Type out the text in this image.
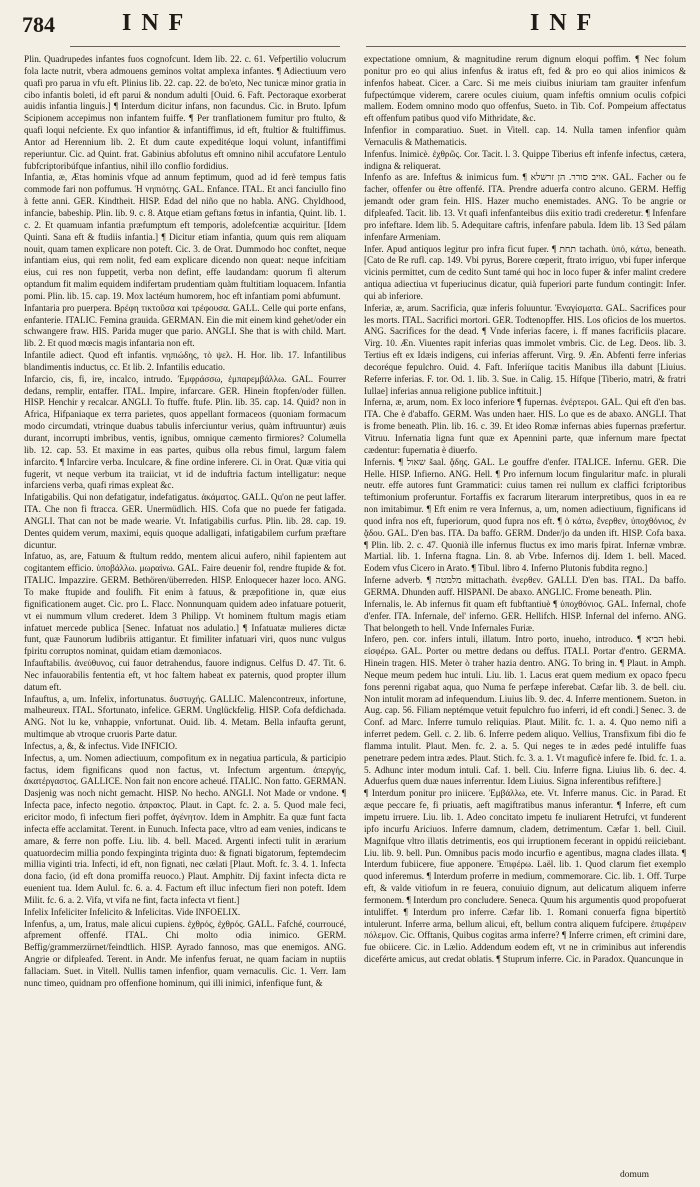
784	INF	INF

Plin. Quadrupedes infantes fuos cognofcunt. Idem lib. 22. c. 61. Vefpertilio volucrum fola lacte nutrit, vbera admouens geminos voltat amplexa infantes. ¶ Adiectiuum vero quafi pro parua in vfu eft. Plinius lib. 22. cap. 22. de bo'eto, Nec tunicæ minor gratia in cibo infantis boleti, id eft parui & nondum adulti [Ouid. 6. Faft. Pectoraque exorberat auidis infantia linguis.] ¶ Interdum dicitur infans, non facundus. Cic. in Bruto. Ipfum Scipionem accepimus non infantem fuiffe. ¶ Per tranflationem fumitur pro ftulto, & quafi loqui nefciente. Ex quo infantior & infantiffimus, id eft, ftultior & ftultiffimus. Antor ad Herennium lib. 2. Et dum caute expeditéque loqui volunt, infantiffimi reperiuntur. Cic. ad Quint. frat. Gabinius abfolutus eft omnino nihil accufatore Lentulo fubfcriptoribúfque infantius, nihil illo conflio fordidius.

Infantia, æ, Ætas hominis vfque ad annum feptimum, quod ad id ferè tempus fatis commode fari non poffumus. Ἡ νηπιότης. GAL. Enfance. ITAL. Et anci fanciullo fino à fette anni. GER. Kindtheit. HISP. Edad del niño que no habla. ANG. Chyldhood, infancie, babeship. Plin. lib. 9. c. 8. Atque etiam geftans fœtus in infantia, Quint. lib. 1. c. 2. Et quamuam infantia præfumptum eft temporis, adolefcentiæ acquiritur. [Idem Quinti. Sana eft & ftudiis infantia.] ¶ Dicitur etiam infantia, quum quis rem aliquam nouit, quam tamen explicare non poteft. Cic. 3. de Orat. Dummodo hoc conftet, neque infantiam eius, qui rem nolit, fed eam explicare dicendo non queat: neque infcitiam eius, cui res non fuppetit, verba non defint, effe laudandam: quorum fi alterum optandum fit malim equidem indifertam prudentiam quàm ftultitiam loquacem. Infantia pomi. Plin. lib. 15. cap. 19. Mox lactéum humorem, hoc eft infantiam pomi abfumunt.

Infantaria pro puerpera. Βρέφη τικτοῦσα καὶ τρέφουσα. GALL. Celle qui porte enfans, enfanterie. ITALIC. Femina grauida. GERMAN. Ein die mit einem kind gehet/oder ein schwangere fraw. HIS. Parida muger que pario. ANGLI. She that is with child. Mart. lib. 2. Et quod mœcis magis infantaria non eft.

Infantile adiect. Quod eft infantis. νηπιώδης, τὸ ψελ. H. Hor. lib. 17. Infantilibus blandimentis inductus, cc. Et lib. 2. Infantilis educatio.

Infarcio, cis, fi, ire, incalco, intrudo. Ἐμφράσσω, ἐμπαρεμβάλλω. GAL. Fourrer dedans, remplir, entaffer. ITAL. Impire, infarcare. GER. Hinein ftopfen/oder füllen. HISP. Henchir y recalcar. ANGLI. To ftuffe. ftufe. Plin. lib. 35. cap. 14. Quid? non in Africa, Hifpaniaque ex terra parietes, quos appellant formaceos (quoniam formacum modo circumdati, vtrinque duabus tabulis inferciuntur verius, quàm inftruuntur) æuis durant, incorrupti imbribus, ventis, ignibus, omnique cæmento firmiores? Columella lib. 12. cap. 53. Et maxime in eas partes, quibus olla rebus fimul, largum falem infarcito. ¶ Infarcire verba. Inculcare, & fine ordine inferere. Ci. in Orat. Quæ vitia qui fugerit, vt neque verbum ita traiiciat, vt id de induftria factum intelligatur: neque infarciens verba, quafi rimas expleat &c.

Infatigabilis. Qui non defatigatur, indefatigatus. ἀκάματος. GALL. Qu'on ne peut laffer. ITA. Che non fi ftracca. GER. Unermüdlich. HIS. Cofa que no puede fer fatigada. ANGLI. That can not be made wearie. Vt. Infatigabilis curfus. Plin. lib. 28. cap. 19. Dentes quidem verum, maximi, equis quoque adalligati, infatigabilem curfum præftare dicuntur.

Infatuo, as, are, Fatuum & ftultum reddo, mentem alicui aufero, nihil fapientem aut cogitantem efficio. ὑποβάλλω. μωραίνω. GAL. Faire deuenir fol, rendre ftupide & fot. ITALIC. Impazzire. GERM. Bethören/überreden. HISP. Enloquecer hazer loco. ANG. To make ftupide and foulifh. Fit enim à fatuus, & præpofitione in, quæ eius fignificationem auget. Cic. pro L. Flacc. Nonnunquam quidem adeo infatuare potuerit, vt ei nummum vllum crederet. Idem 3 Philipp. Vt hominem ftultum magis etiam infatuet mercede publica [Senec. Infatuat nos adulatio.] ¶ Infatuatæ mulieres dictæ funt, quæ Faunorum ludibriis attigantur. Et fimiliter infatuari viri, quos nunc vulgus fpiritu corruptos nominat, quidam etiam dæmoniacos.

Infauftabilis. ἀνεύθυνος, cui fauor detrahendus, fauore indignus. Celfus D. 47. Tit. 6. Nec infauorabilis fententia eft, vt hoc faltem habeat ex paternis, quod propter illum datum eft.

Infauftus, a, um. Infelix, infortunatus. δυστυχής. GALLIC. Malencontreux, infortune, malheureux. ITAL. Sfortunato, infelice. GERM. Unglückfelig. HISP. Cofa defdichada. ANG. Not lu ke, vnhappie, vnfortunat. Ouid. lib. 4. Metam. Bella infaufta gerunt, multimque ab vtroque cruoris Parte datur.

Infectus, a, &, & infectus. Vide INFICIO.

Infectus, a, um. Nomen adiectiuum, compofitum ex in negatiua particula, & participio factus, idem fignificans quod non factus, vt. Infectum argentum. ἀπεργής, ἀκατέργαστος. GALLICE. Non fait non encore acheué. ITALIC. Non fatto. GERMAN. Dasjenig was noch nicht gemacht. HISP. No hecho. ANGLI. Not Made or vndone. ¶ Infecta pace, infecto negotio. ἀπρακτος. Plaut. in Capt. fc. 2. a. 5. Quod male feci, ericitor modo, fi infectum fieri poffet, ἀγένητον. Idem in Amphitr. Ea quæ funt facta infecta effe acclamitat. Terent. in Eunuch. Infecta pace, vltro ad eam venies, indicans te amare, & ferre non poffe. Liu. lib. 4. bell. Maced. Argenti infecti tulit in ærarium quatuordecim millia pondo fexpinginta triginta duo: & fignati bigatorum, feptemdecim millia viginti tria. Infecti, id eft, non fignati, nec cælati [Plaut. Moft. fc. 3. 4. 1. Infecta dona facio, (id eft dona promiffa reuoco.) Plaut. Amphitr. Dij faxint infecta dicta re euenient tua. Idem Aulul. fc. 6. a. 4. Factum eft illuc infectum fieri non poteft. Idem Milit. fc. 6. a. 2. Vifa, vt vifa ne fint, facta infecta vt fient.]

Infelix Infeliciter Infelicito & Infelicitas. Vide INFOELIX.

Infenfus, a, um, Iratus, male alicui cupiens. ἐχθρός, ἐχθρός. GALL. Fafché, courroucé, afprement offenfé. ITAL. Chi molto odia inimico. GERM. Beffig/grammerzürnet/feindtlich. HISP. Ayrado fannoso, mas que enemigos. ANG. Angrie or difpleafed. Terent. in Andr. Me infenfus feruat, ne quam faciam in nuptiis fallaciam. Suet. in Vitell. Nullis tamen infenfior, quam vernaculis. Cic. 1. Verr. Iam nunc timeo, quidnam pro offenfione hominum, qui illi inimici, infenfique funt, &

expectatione omnium, & magnitudine rerum dignum eloqui poffim. ¶ Nec folum ponitur pro eo qui alius infenfus & iratus eft, fed & pro eo qui alios inimicos & infenfos habeat. Cicer. a Carc. Si me meis ciuibus iniuriam tam grauiter infenfum fufpectúmque viderem, carere ocules ciuium, quam infeftis omnium oculis cofpici mallem. Eodem omnino modo quo offenfus, Sueto. in Tib. Cof. Pompeium affectatus eft offenfum patibus quod vifo Mithridate, &c.

Infenfior in comparatiuo. Suet. in Vitell. cap. 14. Nulla tamen infenfior quàm Vernaculis & Mathematicis.

Infenfus. Inimicè. ἐχθρῶς. Cor. Tacit. l. 3. Quippe Tiberius eft infenfe infectus, cætera, indigna & reliquerat.

Infenfo as are. Infeftus & inimicus fum. ¶ אויב סורר. הן זרשלא. GAL. Facher ou fe facher, offenfer ou être offenfé. ITA. Prendre aduerfa contro alcuno. GERM. Heffig jemandt oder gram fein. HIS. Hazer mucho enemistades. ANG. To be angrie or difpleafed. Tacit. lib. 13. Vt quafi infenfanteibus diis exitio tradi crederetur. ¶ Infenfare pro infeftare. Idem lib. 5. Adequitare caftris, infenfare pabula. Idem lib. 13 Sed pálam infenfare Armeniam.

Infer. Apud antiquos legitur pro infra ficut fuper. ¶ תחת tachath. ὑπό, κάτω, beneath. [Cato de Re rufl. cap. 149. Vbi pyrus, Borere cœperit, ftrato irriguo, vbi fuper inferque vicinis permittet, cum de cedito Sunt tamé qui hoc in loco fuper & infer malint credere antiqua adiectiua vt fuperiucinus dicatur, quià fuperiori parte fundum contingit: Infer. qui ab inferiore.

Inferiæ, æ, arum. Sacrificia, quæ inferis foluuntur. Ἐναγίσματα. GAL. Sacrifices pour les morts. ITAL. Sacrifici mortori. GER. Todtenopffer. HIS. Los oficios de los muertos. ANG. Sacrifices for the dead. ¶ Vnde inferias facere, i. ff manes facrificiis placare. Virg. 10. Æn. Viuentes rapit inferias quas immolet vmbris. Cic. de Leg. Deos. lib. 3. Tertius eft ex Idæis indigens, cui inferias afferunt. Virg. 9. Æn. Abfenti ferre inferias decoréque fepulchro. Ouid. 4. Faft. Inferiíque tacitis Manibus illa dabunt [Liuius. Referre inferias. F. tor. Od. 1. lib. 3. Sue. in Calig. 15. Hífque [Tiberio, matri, & fratri Iullae] inferias annua religione publice inftituit.]

Inferna, æ, arum, nom. Ex loco inferiore ¶ fupernas. ἐνέρτεροι. GAL. Qui eft d'en bas. ITA. Che è d'abaffo. GERM. Was unden haer. HIS. Lo que es de abaxo. ANGLI. That is frome beneath. Plin. lib. 16. c. 39. Et ideo Romæ infernas abies fupernas præfertur. Vitruu. Infernatia ligna funt quæ ex Apennini parte, quæ infernum mare fpectat cædentur: fupernatia è diuerfo.

Infernis. ¶ שאול šaal. ᾅδης. GAL. Le gouffre d'enfer. ITALICE. Infernu. GER. Die Helle. HISP. Infierno. ANG. Hell. ¶ Pro infernum locum fingularitur mafc. in plurali neutr. effe autores funt Grammatici: cuius tamen rei nullum ex claffici fcriptoribus teftimonium proferuntur. Fortaffis ex facrarum literarum interpretibus, quos in ea re non imitabimur. ¶ Eft enim re vera Infernus, a, um, nomen adiectiuum, fignificans id quod infra nos eft, fuperiorum, quod fupra nos eft. ¶ ὁ κάτω, ἔνερθεν, ὑποχθόνιος, ἐν ᾅδου. GAL. D'en bas. ITA. Da baffo. GERM. Dnder/jo da unden ift. HISP. Cofa baxa. ¶ Plin. lib. 2. c. 47. Quonià ille infernus fluctus ex imo maris fpirat. Infernæ vmbræ. Martial. lib. 1. Inferna ftagna. Lin. 8. ab Vrbe. Infernos dij. Idem 1. bell. Maced. Eodem vfus Cicero in Arato. ¶ Tibul. libro 4. Inferno Plutonis fubdita regno.]

Inferne adverb. ¶ מלמטה mittachath. ἐνερθεν. GALLI. D'en bas. ITAL. Da baffo. GERMA. Dhunden auff. HISPANI. De abaxo. ANGLIC. Frome beneath. Plin.

Infernalis, le. Ab infernus fit quam eft fubftantiuè ¶ ὑποχθόνιος. GAL. Infernal, chofe d'enfer. ITA. Infernale, del' inferno. GER. Hellifch. HISP. Infernal del inferno. ANG. That belongeth to hell. Vnde Infernales Furiæ.

Infero, pen. cor. infers intuli, illatum. Intro porto, inueho, introduco. ¶ הביא hebi. εἰσφέρω. GAL. Porter ou mettre dedans ou deffus. ITALI. Portar d'entro. GERMA. Hinein tragen. HIS. Meter ò traher hazia dentro. ANG. To bring in. ¶ Plaut. in Amph. Neque meum pedem huc intuli. Liu. lib. 1. Lacus erat quem medium ex opaco fpecu fons perenni rigabat aqua, quo Numa fe perfæpe inferebat. Cæfar lib. 3. de bell. ciu. Non intulit moram ad infequendum. Liuius lib. 9. dec. 4. Inferre mentionem. Sueton. in Aug. cap. 56. Filiam neptémque vetuit fepulchro fuo inferri, id eft condi.] Senec. 3. de Conf. ad Marc. Inferre tumulo reliquias. Plaut. Milit. fc. 1. a. 4. Quo nemo nifi a inferret pedem. Gell. c. 2. lib. 6. Inferre pedem aliquo. Vellius, Transfixum fibi dio fe flamma intulit. Plaut. Men. fc. 2. a. 5. Qui neges te in ædes pedé intuliffe fuas penetrare pedem intra ædes. Plaut. Stich. fc. 3. a. 1. Vt maguficè infere fe. Ibid. fc. 1. a. 5. Adhunc inter modum intuli. Caf. 1. bell. Ciu. Inferre figna. Liuius lib. 6. dec. 4. Aduerfus quem duæ naues inferrentur. Idem Liuius. Signa inferentibus refiftere.]

¶ Interdum ponitur pro iniicere. Ἐμβάλλω, ete. Vt. Inferre manus. Cic. in Parad. Et æque peccare fe, fi priuatis, aeft magiftratibus manus inferantur. ¶ Inferre, eft cum impetu irruere. Liu. lib. 1. Adeo concitato impetu fe inuliarent Hetrufci, vt funderent ipfo incurfu Ariciuos. Inferre damnum, cladem, detrimentum. Cæfar 1. bell. Ciuil. Magnifque vltro illatis detrimentis, eos qui irruptionem fecerant in oppidú reiiciebant. Liu. lib. 9. bell. Pun. Omnibus pacis modo incurfio e agentibus, magna clades illata. ¶ Interdum fubiicere, fiue apponere. Ἐπιφέρω. Laël. lib. 1. Quod clarum fiet exemplo quod inferemus. ¶ Interdum proferre in medium, commemorare. Cic. lib. 1. Off. Turpe eft, & valde vitiofum in re feuera, conuiuio dignum, aut delicatum aliquem inferre fermonem. ¶ Interdum pro concludere. Seneca. Quum his argumentis quod propofuerat intuliffet. ¶ Interdum pro inferre. Cæfar lib. 1. Romani conuerfa figna bipertitò intulerunt. Inferre arma, bellum alicui, eft, bellum contra aliquem fufcipere. ἐπιφέρειν πόλεμον. Cic. Offtanis, Quibus cogitas arma inferre? ¶ Inferre crimen, eft crimini dare, fue obiicere. Cic. in Lælio. Addendum eodem eft, vt ne in criminibus aut inferendis diceférte amicus, aut credat oblatis. ¶ Stuprum inferre. Cic. in Paradox. Quancunque in

domum
